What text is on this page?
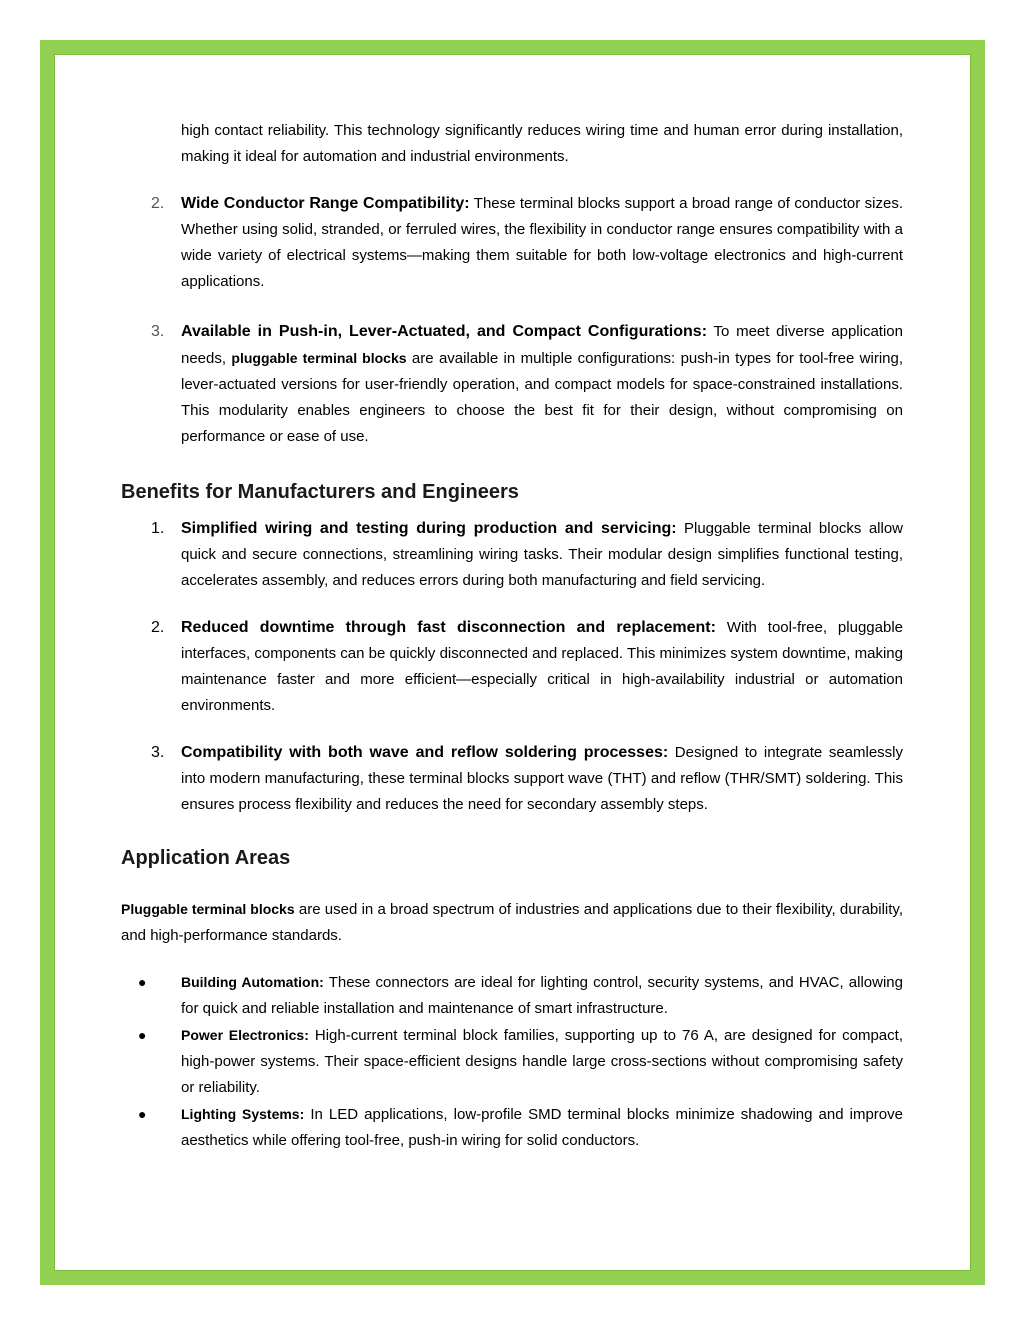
high contact reliability. This technology significantly reduces wiring time and human error during installation, making it ideal for automation and industrial environments.

2.	Wide Conductor Range Compatibility: These terminal blocks support a broad range of conductor sizes. Whether using solid, stranded, or ferruled wires, the flexibility in conductor range ensures compatibility with a wide variety of electrical systems—making them suitable for both low-voltage electronics and high-current applications.
3.	Available in Push-in, Lever-Actuated, and Compact Configurations: To meet diverse application needs, pluggable terminal blocks are available in multiple configurations: push-in types for tool-free wiring, lever-actuated versions for user-friendly operation, and compact models for space-constrained installations. This modularity enables engineers to choose the best fit for their design, without compromising on performance or ease of use.
Benefits for Manufacturers and Engineers
1.	Simplified wiring and testing during production and servicing: Pluggable terminal blocks allow quick and secure connections, streamlining wiring tasks. Their modular design simplifies functional testing, accelerates assembly, and reduces errors during both manufacturing and field servicing.
2.	Reduced downtime through fast disconnection and replacement: With tool-free, pluggable interfaces, components can be quickly disconnected and replaced. This minimizes system downtime, making maintenance faster and more efficient—especially critical in high-availability industrial or automation environments.
3.	Compatibility with both wave and reflow soldering processes: Designed to integrate seamlessly into modern manufacturing, these terminal blocks support wave (THT) and reflow (THR/SMT) soldering. This ensures process flexibility and reduces the need for secondary assembly steps.
Application Areas

Pluggable terminal blocks are used in a broad spectrum of industries and applications due to their flexibility, durability, and high-performance standards.

● Building Automation: These connectors are ideal for lighting control, security systems, and HVAC, allowing for quick and reliable installation and maintenance of smart infrastructure.
● Power Electronics: High-current terminal block families, supporting up to 76 A, are designed for compact, high-power systems. Their space-efficient designs handle large cross-sections without compromising safety or reliability.
● Lighting Systems: In LED applications, low-profile SMD terminal blocks minimize shadowing and improve aesthetics while offering tool-free, push-in wiring for solid conductors.
